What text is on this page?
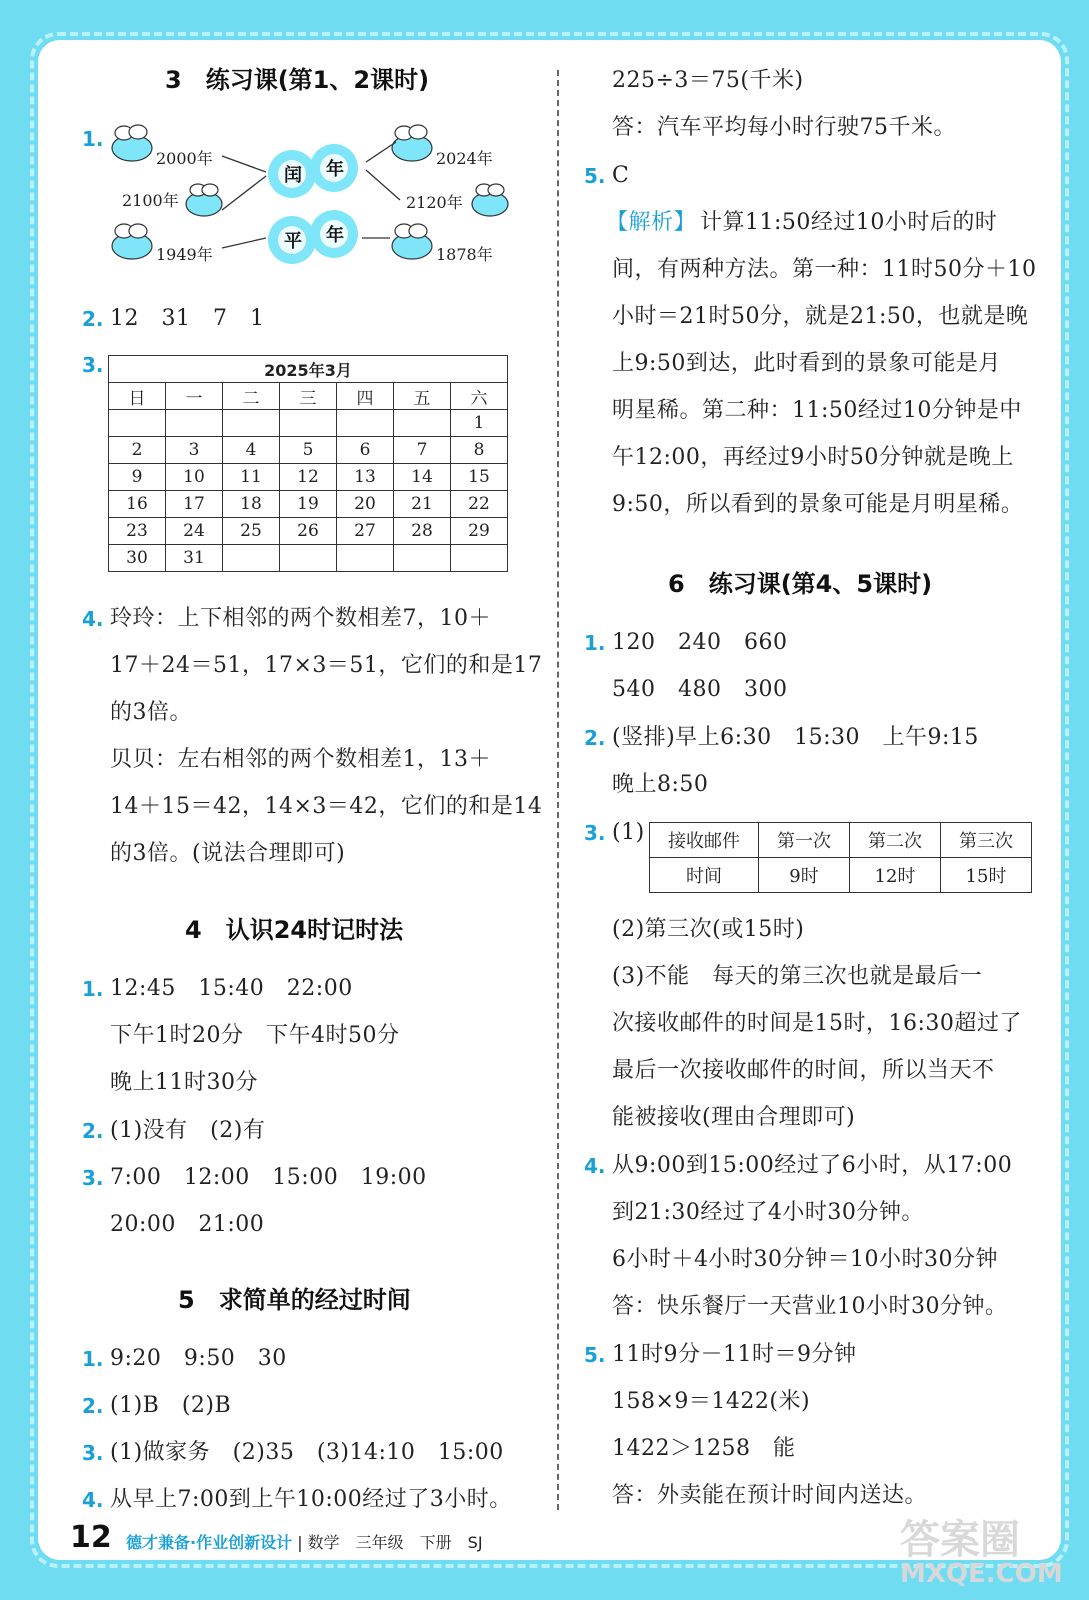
3　练习课(第1、2课时)
1.
2000年	2024年
2100年	2120年
1949年	1878年
闰 年
平 年
2. 12　31　7　1
3.	2025年3月						
日	一	二	三	四	五	六
						1
2	3	4	5	6	7	8
9	10	11	12	13	14	15
16	17	18	19	20	21	22
23	24	25	26	27	28	29
30	31					
4. 玲玲：上下相邻的两个数相差7，10＋
17＋24＝51，17×3＝51，它们的和是17
的3倍。
贝贝：左右相邻的两个数相差1，13＋
14＋15＝42，14×3＝42，它们的和是14
的3倍。(说法合理即可)
4　认识24时记时法
1. 12:45　15:40　22:00
下午1时20分　下午4时50分
晚上11时30分
2. (1)没有　(2)有
3. 7:00　12:00　15:00　19:00
20:00　21:00
5　求简单的经过时间
1. 9:20　9:50　30
2. (1)B　(2)B
3. (1)做家务　(2)35　(3)14:10　15:00
4. 从早上7:00到上午10:00经过了3小时。
225÷3＝75(千米)
答：汽车平均每小时行驶75千米。
5. C
【解析】 计算11:50经过10小时后的时
间，有两种方法。第一种：11时50分＋10
小时＝21时50分，就是21:50，也就是晚
上9:50到达，此时看到的景象可能是月
明星稀。第二种：11:50经过10分钟是中
午12:00，再经过9小时50分钟就是晚上
9:50，所以看到的景象可能是月明星稀。
6　练习课(第4、5课时)
1. 120　240　660
540　480　300
2. (竖排)早上6:30　15:30　上午9:15
晚上8:50
3. (1) 接收邮件	第一次	第二次	第三次
时间	9时	12时	15时
(2)第三次(或15时)
(3)不能　每天的第三次也就是最后一
次接收邮件的时间是15时，16:30超过了
最后一次接收邮件的时间，所以当天不
能被接收(理由合理即可)
4. 从9:00到15:00经过了6小时，从17:00
到21:30经过了4小时30分钟。
6小时＋4小时30分钟＝10小时30分钟
答：快乐餐厅一天营业10小时30分钟。
5. 11时9分－11时＝9分钟
158×9＝1422(米)
1422＞1258　能
答：外卖能在预计时间内送达。
12 德才兼备·作业创新设计 | 数学　三年级　下册　SJ	答案圈
MXQE.COM
